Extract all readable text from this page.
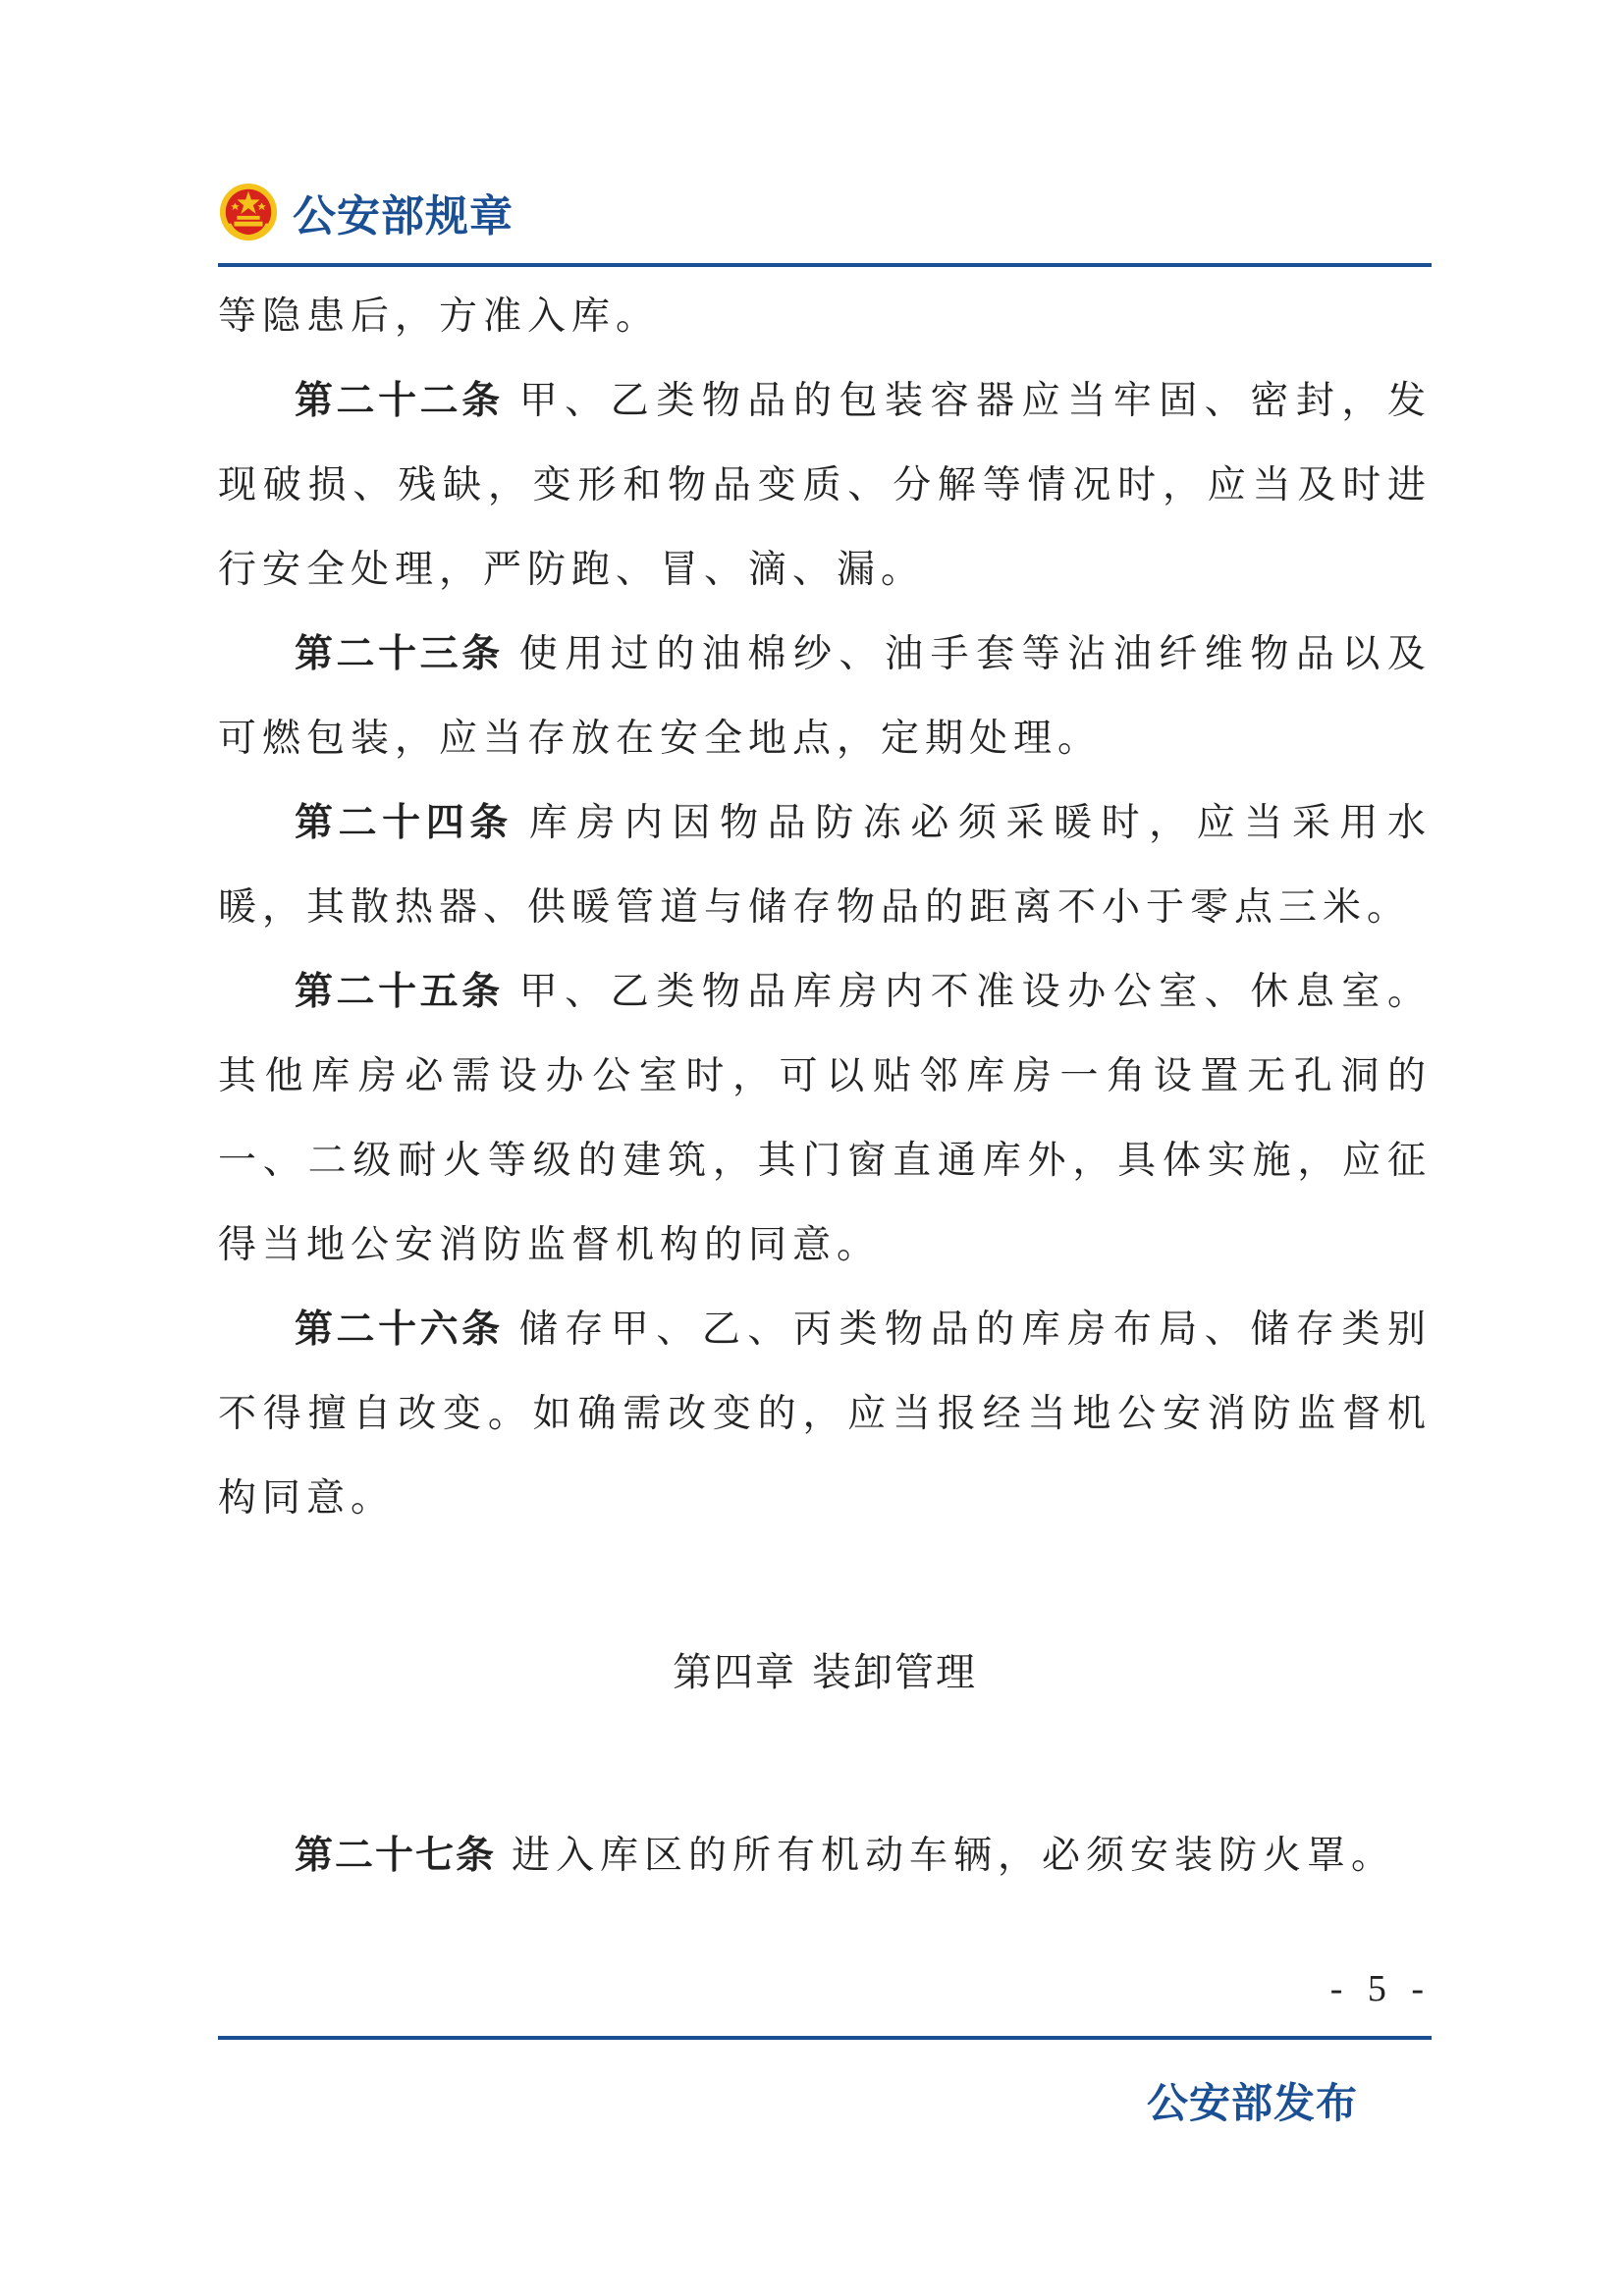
公安部规章

等隐患后，方准入库。

第二十二条 甲、乙类物品的包装容器应当牢固、密封，发现破损、残缺，变形和物品变质、分解等情况时，应当及时进行安全处理，严防跑、冒、滴、漏。

第二十三条 使用过的油棉纱、油手套等沾油纤维物品以及可燃包装，应当存放在安全地点，定期处理。

第二十四条 库房内因物品防冻必须采暖时，应当采用水暖，其散热器、供暖管道与储存物品的距离不小于零点三米。

第二十五条 甲、乙类物品库房内不准设办公室、休息室。其他库房必需设办公室时，可以贴邻库房一角设置无孔洞的一、二级耐火等级的建筑，其门窗直通库外，具体实施，应征得当地公安消防监督机构的同意。

第二十六条 储存甲、乙、丙类物品的库房布局、储存类别不得擅自改变。如确需改变的，应当报经当地公安消防监督机构同意。

第四章 装卸管理

第二十七条 进入库区的所有机动车辆，必须安装防火罩。

- 5 -
公安部发布
